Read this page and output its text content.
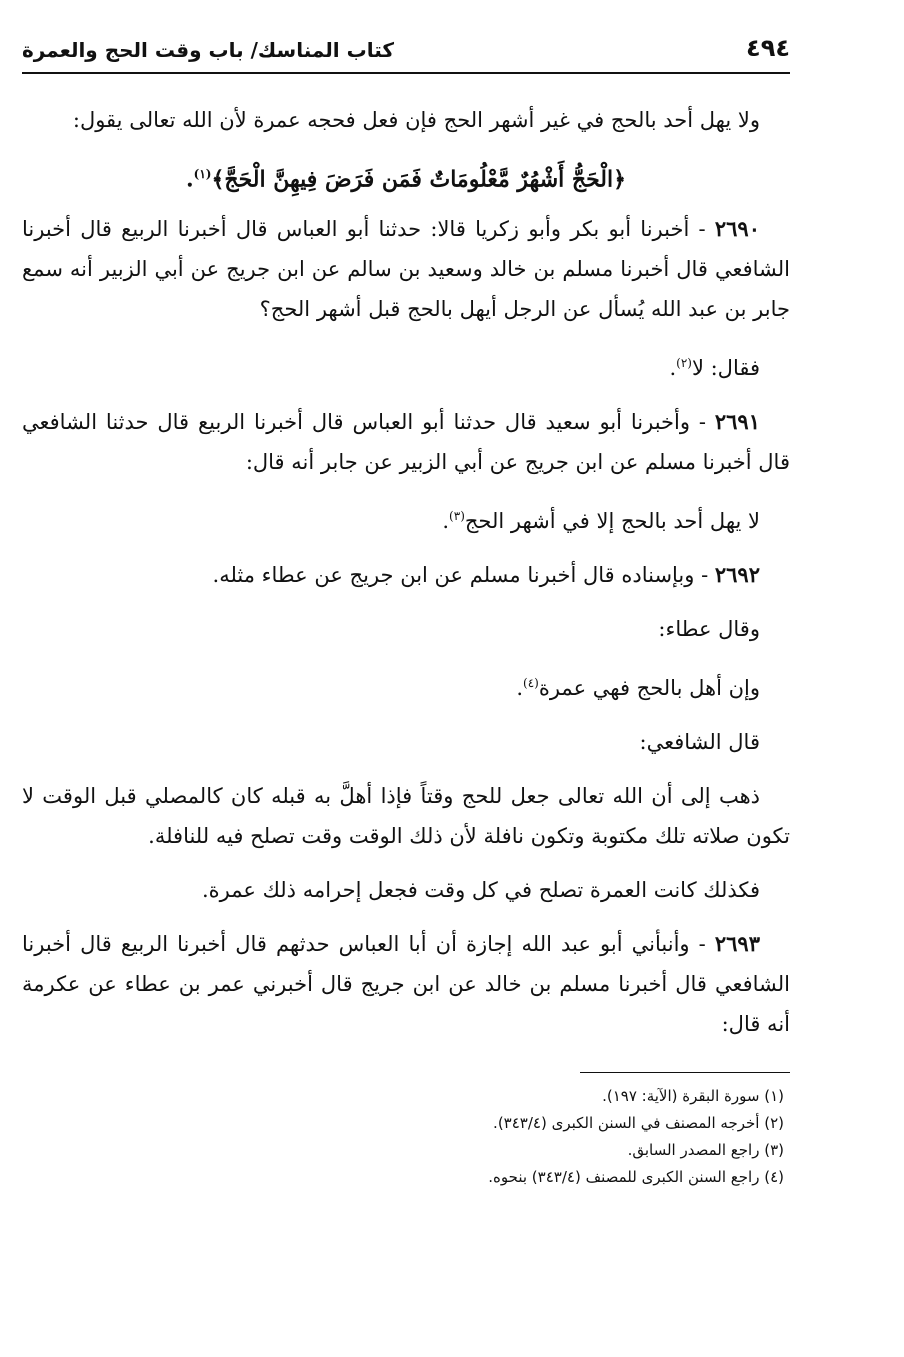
٤٩٤
كتاب المناسك/ باب وقت الحج والعمرة

ولا يهل أحد بالحج في غير أشهر الحج فإن فعل فحجه عمرة لأن الله تعالى يقول:

﴿الْحَجُّ أَشْهُرٌ مَّعْلُومَاتٌ فَمَن فَرَضَ فِيهِنَّ الْحَجَّ﴾$^{(١)}$.

٢٦٩٠ - أخبرنا أبو بكر وأبو زكريا قالا: حدثنا أبو العباس قال أخبرنا الربيع قال أخبرنا الشافعي قال أخبرنا مسلم بن خالد وسعيد بن سالم عن ابن جريج عن أبي الزبير أنه سمع جابر بن عبد الله يُسأل عن الرجل أيهل بالحج قبل أشهر الحج؟

فقال: لا$^{(٢)}$.

٢٦٩١ - وأخبرنا أبو سعيد قال حدثنا أبو العباس قال أخبرنا الربيع قال حدثنا الشافعي قال أخبرنا مسلم عن ابن جريج عن أبي الزبير عن جابر أنه قال:

لا يهل أحد بالحج إلا في أشهر الحج$^{(٣)}$.

٢٦٩٢ - وبإسناده قال أخبرنا مسلم عن ابن جريج عن عطاء مثله.

وقال عطاء:

وإن أهل بالحج فهي عمرة$^{(٤)}$.

قال الشافعي:

ذهب إلى أن الله تعالى جعل للحج وقتاً فإذا أهلَّ به قبله كان كالمصلي قبل الوقت لا تكون صلاته تلك مكتوبة وتكون نافلة لأن ذلك الوقت وقت تصلح فيه للنافلة.

فكذلك كانت العمرة تصلح في كل وقت فجعل إحرامه ذلك عمرة.

٢٦٩٣ - وأنبأني أبو عبد الله إجازة أن أبا العباس حدثهم قال أخبرنا الربيع قال أخبرنا الشافعي قال أخبرنا مسلم بن خالد عن ابن جريج قال أخبرني عمر بن عطاء عن عكرمة أنه قال:

(١) سورة البقرة (الآية: ١٩٧).
(٢) أخرجه المصنف في السنن الكبرى (٣٤٣/٤).
(٣) راجع المصدر السابق.
(٤) راجع السنن الكبرى للمصنف (٣٤٣/٤) بنحوه.
